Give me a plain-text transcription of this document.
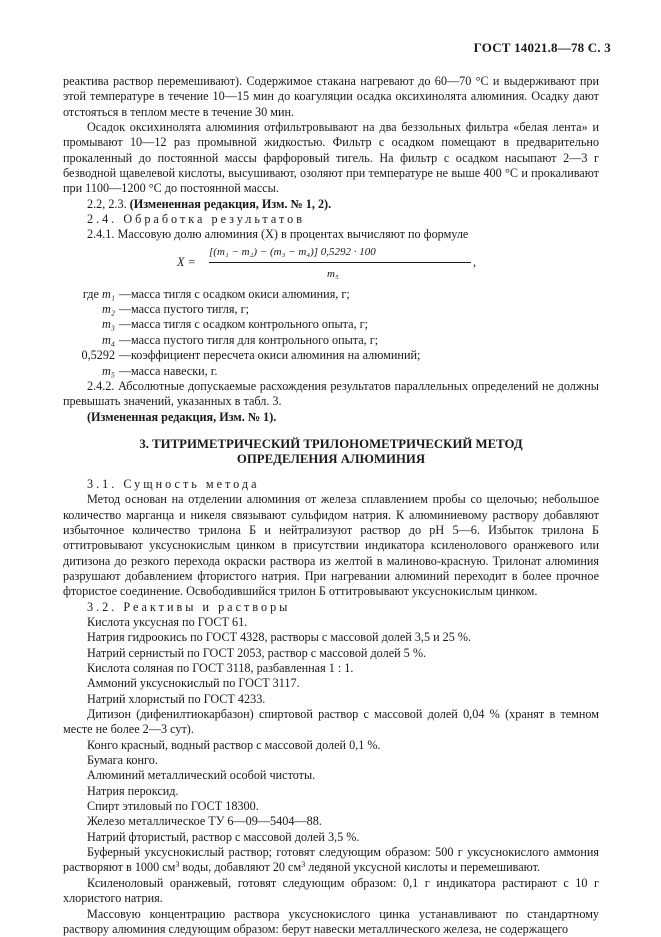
ГОСТ 14021.8—78 С. 3

реактива раствор перемешивают). Содержимое стакана нагревают до 60—70 °С и выдерживают при этой температуре в течение 10—15 мин до коагуляции осадка оксихинолята алюминия. Осадку дают отстояться в теплом месте в течение 30 мин.

Осадок оксихинолята алюминия отфильтровывают на два беззольных фильтра «белая лента» и промывают 10—12 раз промывной жидкостью. Фильтр с осадком помещают в предварительно прокаленный до постоянной массы фарфоровый тигель. На фильтр с осадком насыпают 2—3 г безводной щавелевой кислоты, высушивают, озоляют при температуре не выше 400 °С и прокаливают при 1100—1200 °С до постоянной массы.

2.2, 2.3. (Измененная редакция, Изм. № 1, 2).

2.4. Обработка результатов

2.4.1. Массовую долю алюминия (X) в процентах вычисляют по формуле

X =
[(m₁ − m₂) − (m₃ − m₄)] 0,5292 · 100
m₅
,
где m₁ — масса тигля с осадком окиси алюминия, г;
m₂ — масса пустого тигля, г;
m₃ — масса тигля с осадком контрольного опыта, г;
m₄ — масса пустого тигля для контрольного опыта, г;
0,5292 — коэффициент пересчета окиси алюминия на алюминий;
m₅ — масса навески, г.

2.4.2. Абсолютные допускаемые расхождения результатов параллельных определений не должны превышать значений, указанных в табл. 3.

(Измененная редакция, Изм. № 1).

3. ТИТРИМЕТРИЧЕСКИЙ ТРИЛОНОМЕТРИЧЕСКИЙ МЕТОД
ОПРЕДЕЛЕНИЯ АЛЮМИНИЯ

3.1. Сущность метода

Метод основан на отделении алюминия от железа сплавлением пробы со щелочью; небольшое количество марганца и никеля связывают сульфидом натрия. К алюминиевому раствору добавляют избыточное количество трилона Б и нейтрализуют раствор до рН 5—6. Избыток трилона Б оттитровывают уксуснокислым цинком в присутствии индикатора ксиленолового оранжевого или дитизона до резкого перехода окраски раствора из желтой в малиново-красную. Трилонат алюминия разрушают добавлением фтористого натрия. При нагревании алюминий переходит в более прочное фтористое соединение. Освободившийся трилон Б оттитровывают уксуснокислым цинком.

3.2. Реактивы и растворы

Кислота уксусная по ГОСТ 61.

Натрия гидроокись по ГОСТ 4328, растворы с массовой долей 3,5 и 25 %.

Натрий сернистый по ГОСТ 2053, раствор с массовой долей 5 %.

Кислота соляная по ГОСТ 3118, разбавленная 1 : 1.

Аммоний уксуснокислый по ГОСТ 3117.

Натрий хлористый по ГОСТ 4233.

Дитизон (дифенилтиокарбазон) спиртовой раствор с массовой долей 0,04 % (хранят в темном месте не более 2—3 сут).

Конго красный, водный раствор с массовой долей 0,1 %.

Бумага конго.

Алюминий металлический особой чистоты.

Натрия пероксид.

Спирт этиловый по ГОСТ 18300.

Железо металлическое ТУ 6—09—5404—88.

Натрий фтористый, раствор с массовой долей 3,5 %.

Буферный уксуснокислый раствор; готовят следующим образом: 500 г уксуснокислого аммония растворяют в 1000 $см^3$ воды, добавляют 20 $см^3$ ледяной уксусной кислоты и перемешивают.

Ксиленоловый оранжевый, готовят следующим образом: 0,1 г индикатора растирают с 10 г хлористого натрия.

Массовую концентрацию раствора уксуснокислого цинка устанавливают по стандартному раствору алюминия следующим образом: берут навески металлического железа, не содержащего
